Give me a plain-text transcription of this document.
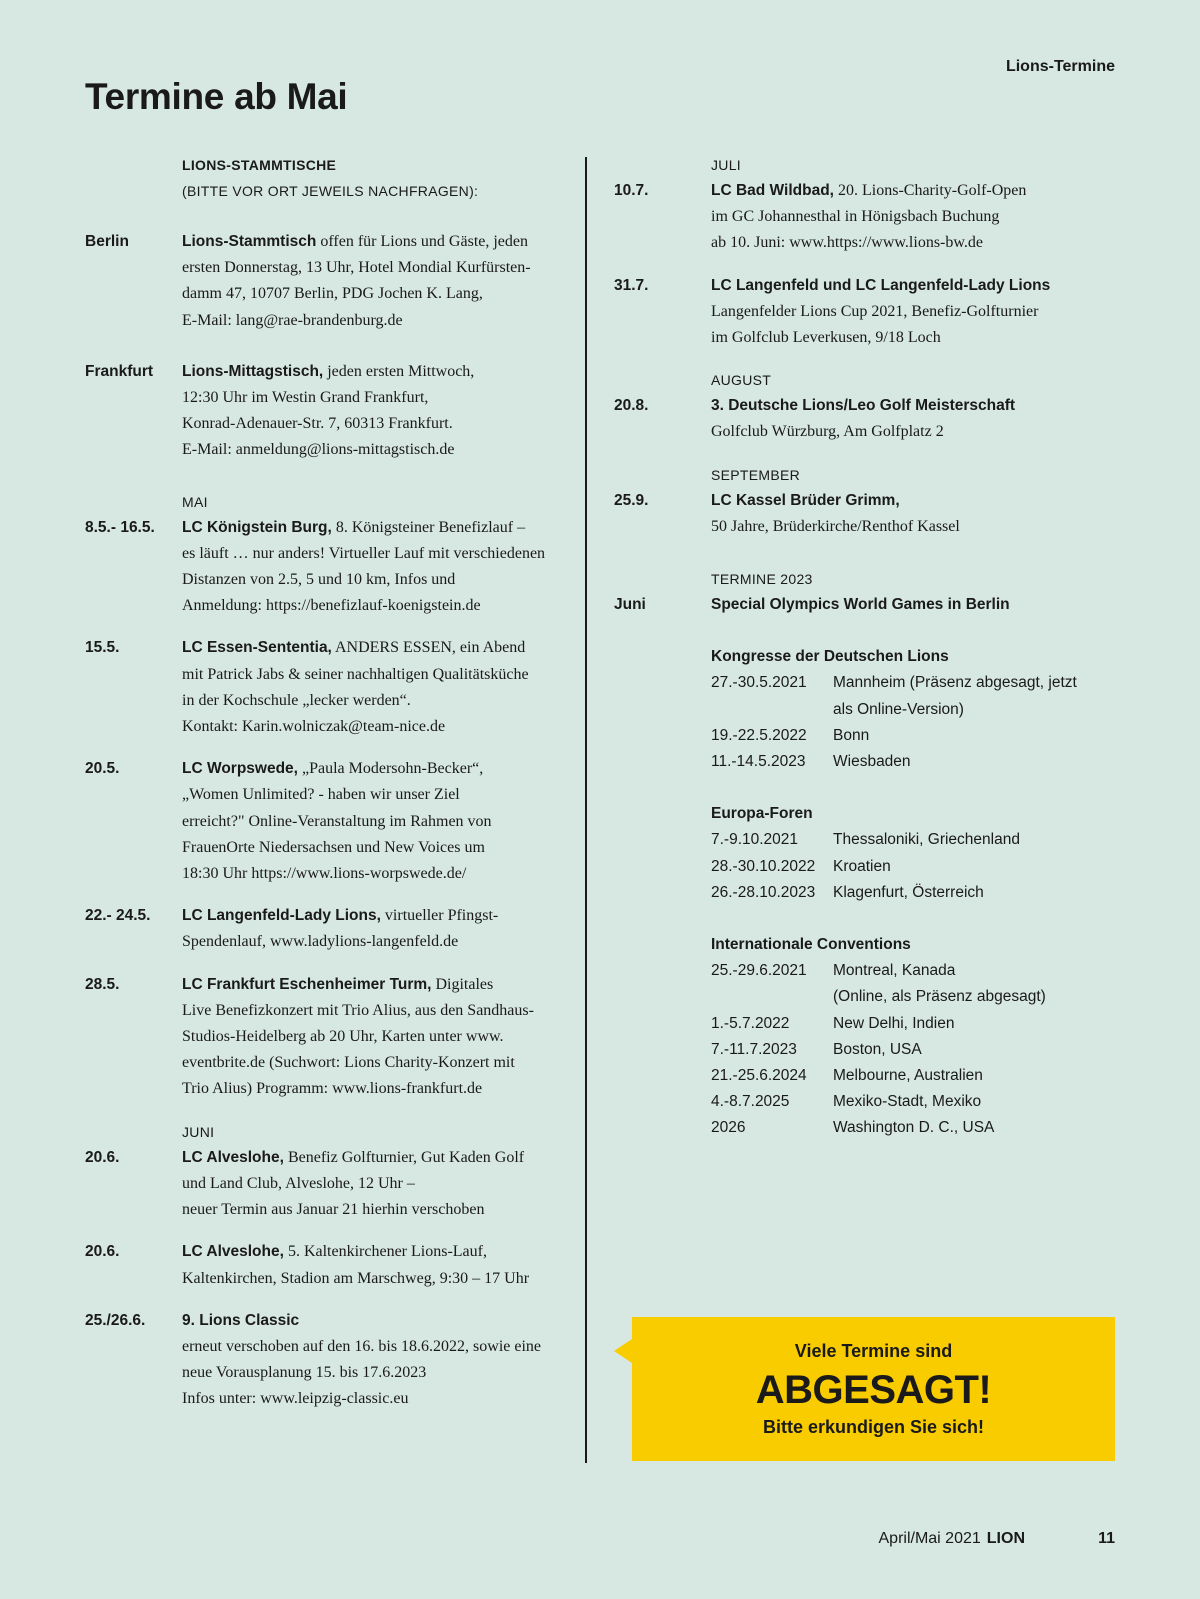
Lions-Termine
Termine ab Mai
LIONS-STAMMTISCHE
(BITTE VOR ORT JEWEILS NACHFRAGEN):
Berlin	Lions-Stammtisch offen für Lions und Gäste, jeden
ersten Donnerstag, 13 Uhr, Hotel Mondial Kurfürsten-
damm 47, 10707 Berlin, PDG Jochen K. Lang,
E-Mail: lang@rae-brandenburg.de
Frankfurt	Lions-Mittagstisch, jeden ersten Mittwoch,
12:30 Uhr im Westin Grand Frankfurt,
Konrad-Adenauer-Str. 7, 60313 Frankfurt.
E-Mail: anmeldung@lions-mittagstisch.de
MAI
8.5.- 16.5.	LC Königstein Burg, 8. Königsteiner Benefizlauf –
es läuft … nur anders! Virtueller Lauf mit verschiedenen
Distanzen von 2.5, 5 und 10 km, Infos und
Anmeldung: https://benefizlauf-koenigstein.de
15.5.	LC Essen-Sententia, ANDERS ESSEN, ein Abend
mit Patrick Jabs & seiner nachhaltigen Qualitätsküche
in der Kochschule „lecker werden“.
Kontakt: Karin.wolniczak@team-nice.de
20.5.	LC Worpswede, „Paula Modersohn-Becker“,
„Women Unlimited? - haben wir unser Ziel
erreicht?" Online-Veranstaltung im Rahmen von
FrauenOrte Niedersachsen und New Voices um
18:30 Uhr https://www.lions-worpswede.de/
22.- 24.5.	LC Langenfeld-Lady Lions, virtueller Pfingst-
Spendenlauf, www.ladylions-langenfeld.de
28.5.	LC Frankfurt Eschenheimer Turm, Digitales
Live Benefizkonzert mit Trio Alius, aus den Sandhaus-
Studios-Heidelberg ab 20 Uhr, Karten unter www.
eventbrite.de (Suchwort: Lions Charity-Konzert mit
Trio Alius) Programm: www.lions-frankfurt.de
JUNI
20.6.	LC Alveslohe, Benefiz Golfturnier, Gut Kaden Golf
und Land Club, Alveslohe, 12 Uhr –
neuer Termin aus Januar 21 hierhin verschoben
20.6.	LC Alveslohe, 5. Kaltenkirchener Lions-Lauf,
Kaltenkirchen, Stadion am Marschweg, 9:30 – 17 Uhr
25./26.6.	9. Lions Classic
erneut verschoben auf den 16. bis 18.6.2022, sowie eine
neue Vorausplanung 15. bis 17.6.2023
Infos unter: www.leipzig-classic.eu
JULI
10.7.	LC Bad Wildbad, 20. Lions-Charity-Golf-Open
im GC Johannesthal in Hönigsbach Buchung
ab 10. Juni: www.https://www.lions-bw.de
31.7.	LC Langenfeld und LC Langenfeld-Lady Lions
Langenfelder Lions Cup 2021, Benefiz-Golfturnier
im Golfclub Leverkusen, 9/18 Loch
AUGUST
20.8.	3. Deutsche Lions/Leo Golf Meisterschaft
Golfclub Würzburg, Am Golfplatz 2
SEPTEMBER
25.9.	LC Kassel Brüder Grimm,
50 Jahre, Brüderkirche/Renthof Kassel
TERMINE 2023
Juni	Special Olympics World Games in Berlin
Kongresse der Deutschen Lions
27.-30.5.2021	Mannheim (Präsenz abgesagt, jetzt
als Online-Version)
19.-22.5.2022	Bonn
11.-14.5.2023	Wiesbaden
Europa-Foren
7.-9.10.2021	Thessaloniki, Griechenland
28.-30.10.2022	Kroatien
26.-28.10.2023	Klagenfurt, Österreich
Internationale Conventions
25.-29.6.2021	Montreal, Kanada
(Online, als Präsenz abgesagt)
1.-5.7.2022	New Delhi, Indien
7.-11.7.2023	Boston, USA
21.-25.6.2024	Melbourne, Australien
4.-8.7.2025	Mexiko-Stadt, Mexiko
2026	Washington D. C., USA
Viele Termine sind
ABGESAGT!
Bitte erkundigen Sie sich!
April/Mai 2021 LION	11
